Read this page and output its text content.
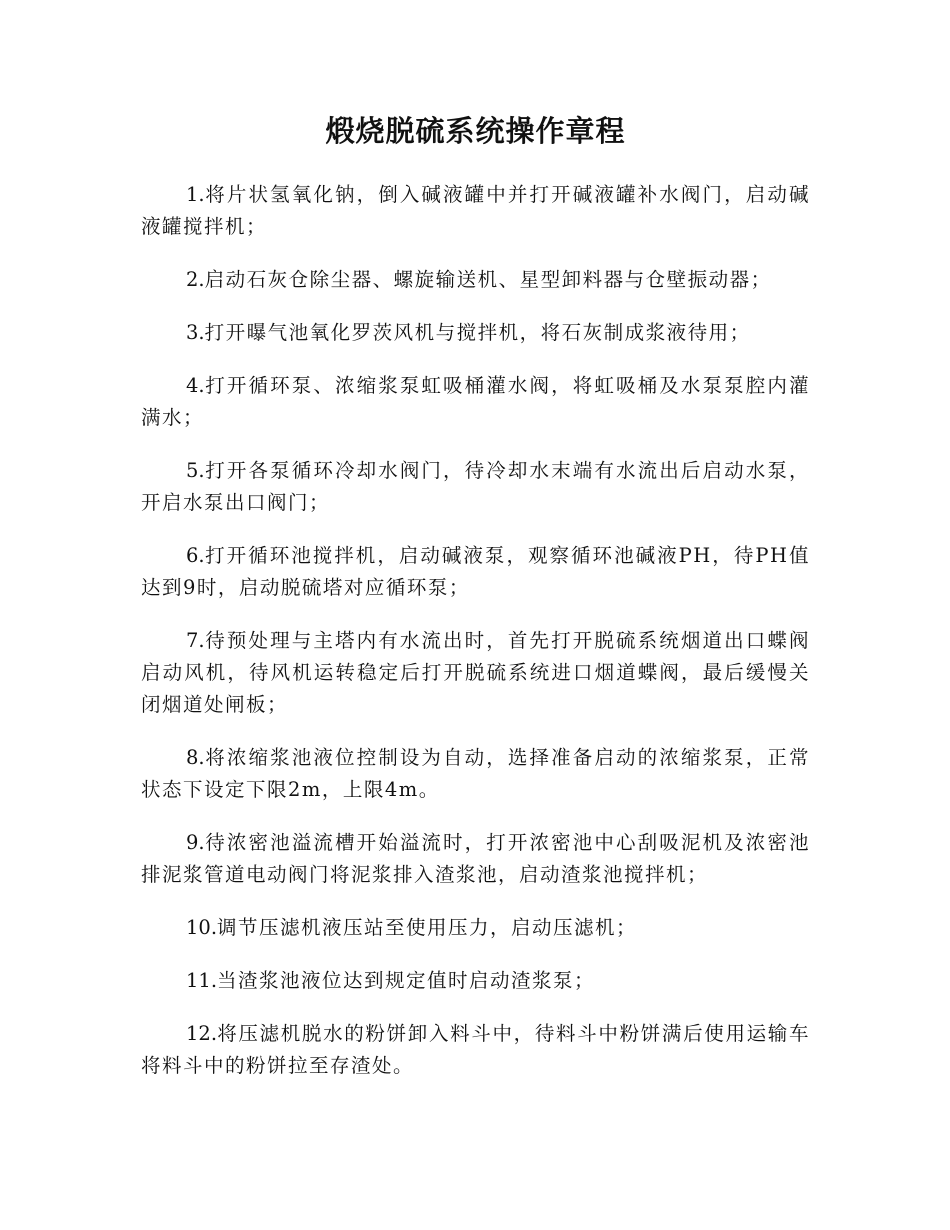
煅烧脱硫系统操作章程

1.将片状氢氧化钠，倒入碱液罐中并打开碱液罐补水阀门，启动碱液罐搅拌机；

2.启动石灰仓除尘器、螺旋输送机、星型卸料器与仓壁振动器；

3.打开曝气池氧化罗茨风机与搅拌机，将石灰制成浆液待用；

4.打开循环泵、浓缩浆泵虹吸桶灌水阀，将虹吸桶及水泵泵腔内灌满水；

5.打开各泵循环冷却水阀门，待冷却水末端有水流出后启动水泵，开启水泵出口阀门；

6.打开循环池搅拌机，启动碱液泵，观察循环池碱液PH，待PH值达到9时，启动脱硫塔对应循环泵；

7.待预处理与主塔内有水流出时，首先打开脱硫系统烟道出口蝶阀启动风机，待风机运转稳定后打开脱硫系统进口烟道蝶阀，最后缓慢关闭烟道处闸板；

8.将浓缩浆池液位控制设为自动，选择准备启动的浓缩浆泵，正常状态下设定下限2m，上限4m。

9.待浓密池溢流槽开始溢流时，打开浓密池中心刮吸泥机及浓密池排泥浆管道电动阀门将泥浆排入渣浆池，启动渣浆池搅拌机；

10.调节压滤机液压站至使用压力，启动压滤机；

11.当渣浆池液位达到规定值时启动渣浆泵；

12.将压滤机脱水的粉饼卸入料斗中，待料斗中粉饼满后使用运输车将料斗中的粉饼拉至存渣处。
